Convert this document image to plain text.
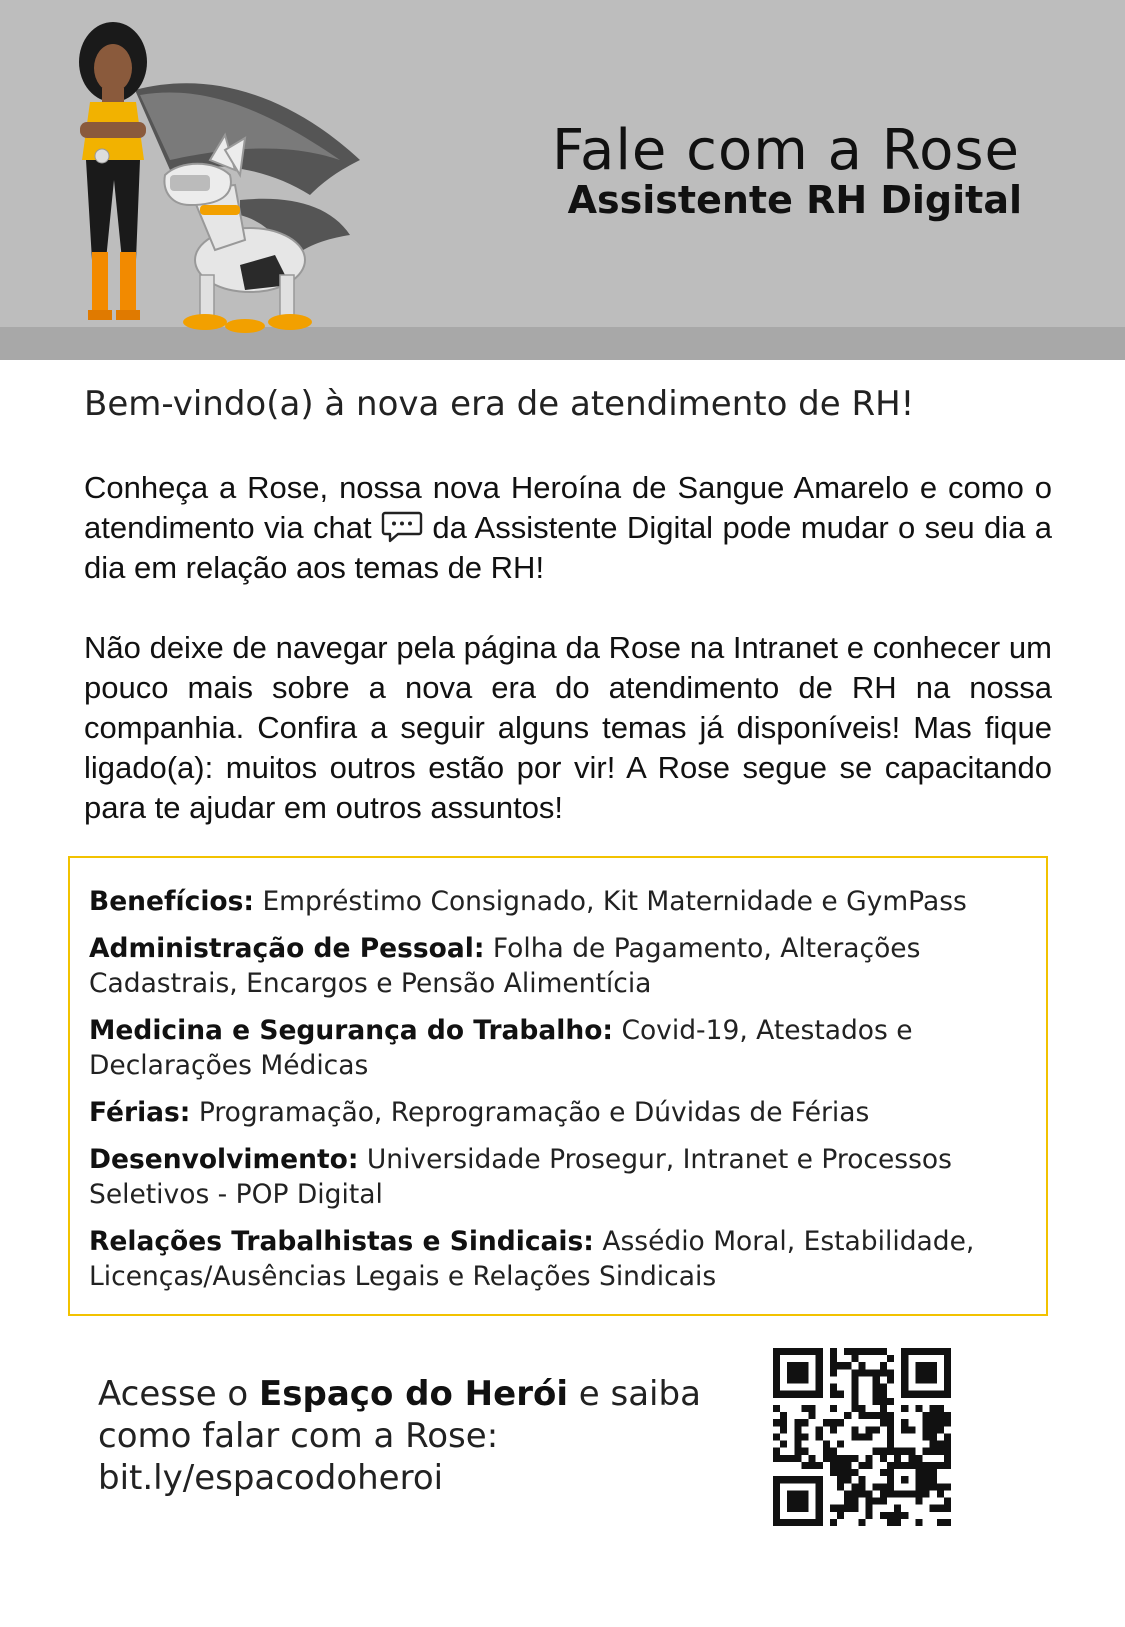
Fale com a Rose
Assistente RH Digital
Bem-vindo(a) à nova era de atendimento de RH!
Conheça a Rose, nossa nova Heroína de Sangue Amarelo e como o atendimento via chat da Assistente Digital pode mudar o seu dia a dia em relação aos temas de RH!
Não deixe de navegar pela página da Rose na Intranet e conhecer um pouco mais sobre a nova era do atendimento de RH na nossa companhia. Confira a seguir alguns temas já disponíveis! Mas fique ligado(a): muitos outros estão por vir! A Rose segue se capacitando para te ajudar em outros assuntos!
Benefícios: Empréstimo Consignado, Kit Maternidade e GymPass
Administração de Pessoal: Folha de Pagamento, Alterações Cadastrais, Encargos e Pensão Alimentícia
Medicina e Segurança do Trabalho: Covid-19, Atestados e Declarações Médicas
Férias: Programação, Reprogramação e Dúvidas de Férias
Desenvolvimento: Universidade Prosegur, Intranet e Processos Seletivos - POP Digital
Relações Trabalhistas e Sindicais: Assédio Moral, Estabilidade, Licenças/Ausências Legais e Relações Sindicais
Acesse o Espaço do Herói e saiba como falar com a Rose:
bit.ly/espacodoheroi
